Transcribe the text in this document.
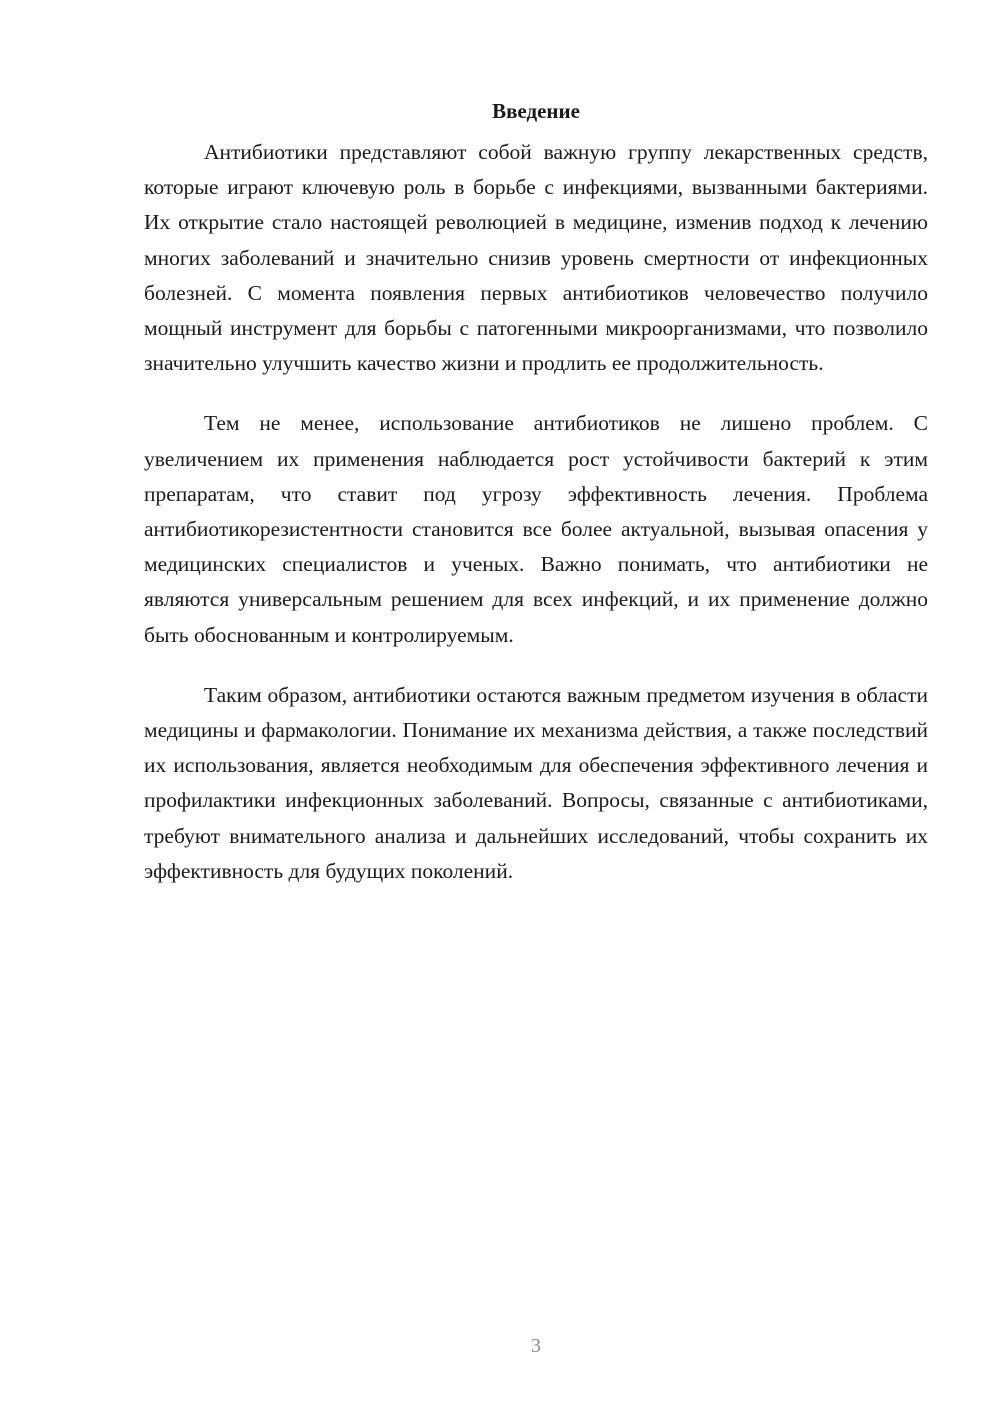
Введение

Антибиотики представляют собой важную группу лекарственных средств, которые играют ключевую роль в борьбе с инфекциями, вызванными бактериями. Их открытие стало настоящей революцией в медицине, изменив подход к лечению многих заболеваний и значительно снизив уровень смертности от инфекционных болезней. С момента появления первых антибиотиков человечество получило мощный инструмент для борьбы с патогенными микроорганизмами, что позволило значительно улучшить качество жизни и продлить ее продолжительность.

Тем не менее, использование антибиотиков не лишено проблем. С увеличением их применения наблюдается рост устойчивости бактерий к этим препаратам, что ставит под угрозу эффективность лечения. Проблема антибиотикорезистентности становится все более актуальной, вызывая опасения у медицинских специалистов и ученых. Важно понимать, что антибиотики не являются универсальным решением для всех инфекций, и их применение должно быть обоснованным и контролируемым.

Таким образом, антибиотики остаются важным предметом изучения в области медицины и фармакологии. Понимание их механизма действия, а также последствий их использования, является необходимым для обеспечения эффективного лечения и профилактики инфекционных заболеваний. Вопросы, связанные с антибиотиками, требуют внимательного анализа и дальнейших исследований, чтобы сохранить их эффективность для будущих поколений.

3
